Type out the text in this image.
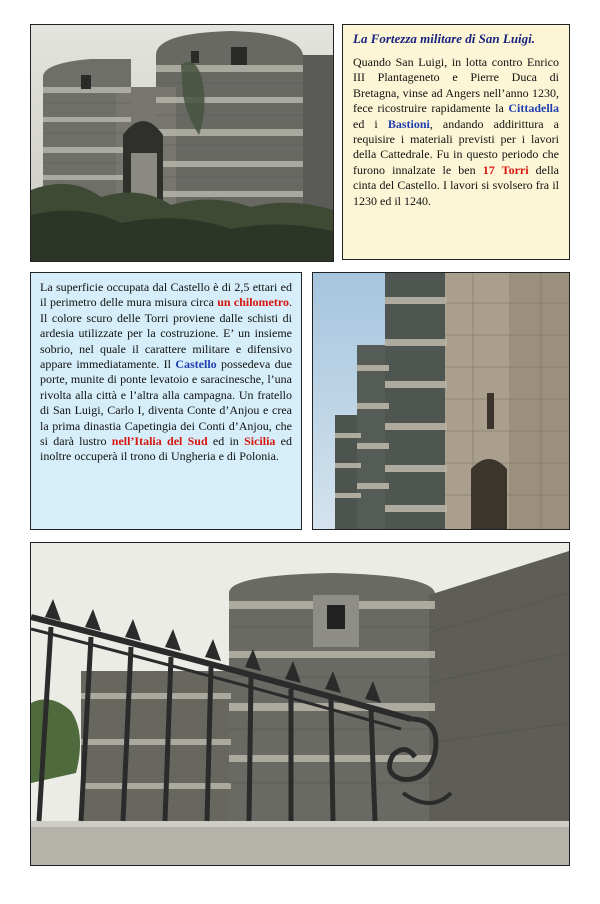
La Fortezza militare di San Luigi.

Quando San Luigi, in lotta contro Enrico III Plantageneto e Pierre Duca di Bretagna, vinse ad Angers nell’anno 1230, fece ricostruire rapidamente la Cittadella ed i Bastioni, andando addirittura a requisire i materiali previsti per i lavori della Cattedrale. Fu in questo periodo che furono innalzate le ben 17 Torri della cinta del Castello. I lavori si svolsero fra il 1230 ed il 1240.

La superficie occupata dal Castello è di 2,5 ettari ed il perimetro delle mura misura circa un chilometro. Il colore scuro delle Torri proviene dalle schisti di ardesia utilizzate per la costruzione. E’ un insieme sobrio, nel quale il carattere militare e difensivo appare immediatamente. Il Castello possedeva due porte, munite di ponte levatoio e saracinesche, l’una rivolta alla città e l’altra alla campagna. Un fratello di San Luigi, Carlo I, diventa Conte d’Anjou e crea la prima dinastia Capetingia dei Conti d’Anjou, che si darà lustro nell’Italia del Sud ed in Sicilia ed inoltre occuperà il trono di Ungheria e di Polonia.
